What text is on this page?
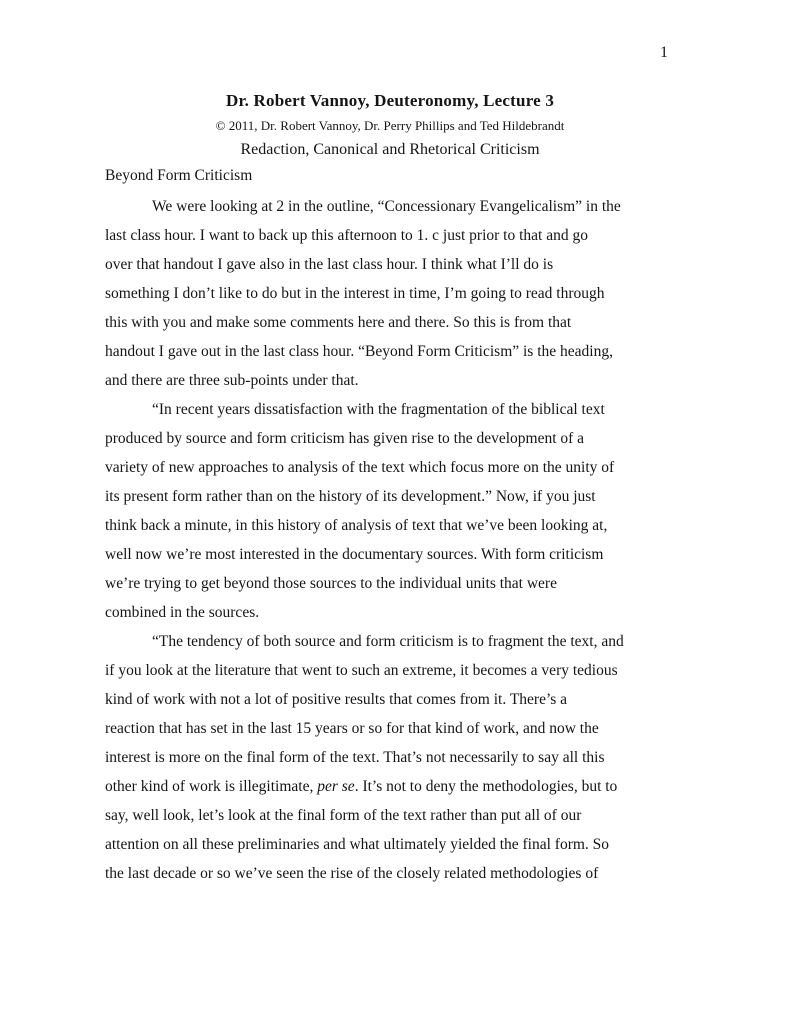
1
Dr. Robert Vannoy, Deuteronomy, Lecture 3
© 2011, Dr. Robert Vannoy, Dr. Perry Phillips and Ted Hildebrandt
Redaction, Canonical and Rhetorical Criticism
Beyond Form Criticism
We were looking at 2 in the outline, “Concessionary Evangelicalism” in the
last class hour. I want to back up this afternoon to 1. c just prior to that and go
over that handout I gave also in the last class hour. I think what I’ll do is
something I don’t like to do but in the interest in time, I’m going to read through
this with you and make some comments here and there. So this is from that
handout I gave out in the last class hour. “Beyond Form Criticism” is the heading,
and there are three sub-points under that.
“In recent years dissatisfaction with the fragmentation of the biblical text
produced by source and form criticism has given rise to the development of a
variety of new approaches to analysis of the text which focus more on the unity of
its present form rather than on the history of its development.” Now, if you just
think back a minute, in this history of analysis of text that we’ve been looking at,
well now we’re most interested in the documentary sources. With form criticism
we’re trying to get beyond those sources to the individual units that were
combined in the sources.
“The tendency of both source and form criticism is to fragment the text, and
if you look at the literature that went to such an extreme, it becomes a very tedious
kind of work with not a lot of positive results that comes from it. There’s a
reaction that has set in the last 15 years or so for that kind of work, and now the
interest is more on the final form of the text. That’s not necessarily to say all this
other kind of work is illegitimate, per se. It’s not to deny the methodologies, but to
say, well look, let’s look at the final form of the text rather than put all of our
attention on all these preliminaries and what ultimately yielded the final form. So
the last decade or so we’ve seen the rise of the closely related methodologies of
